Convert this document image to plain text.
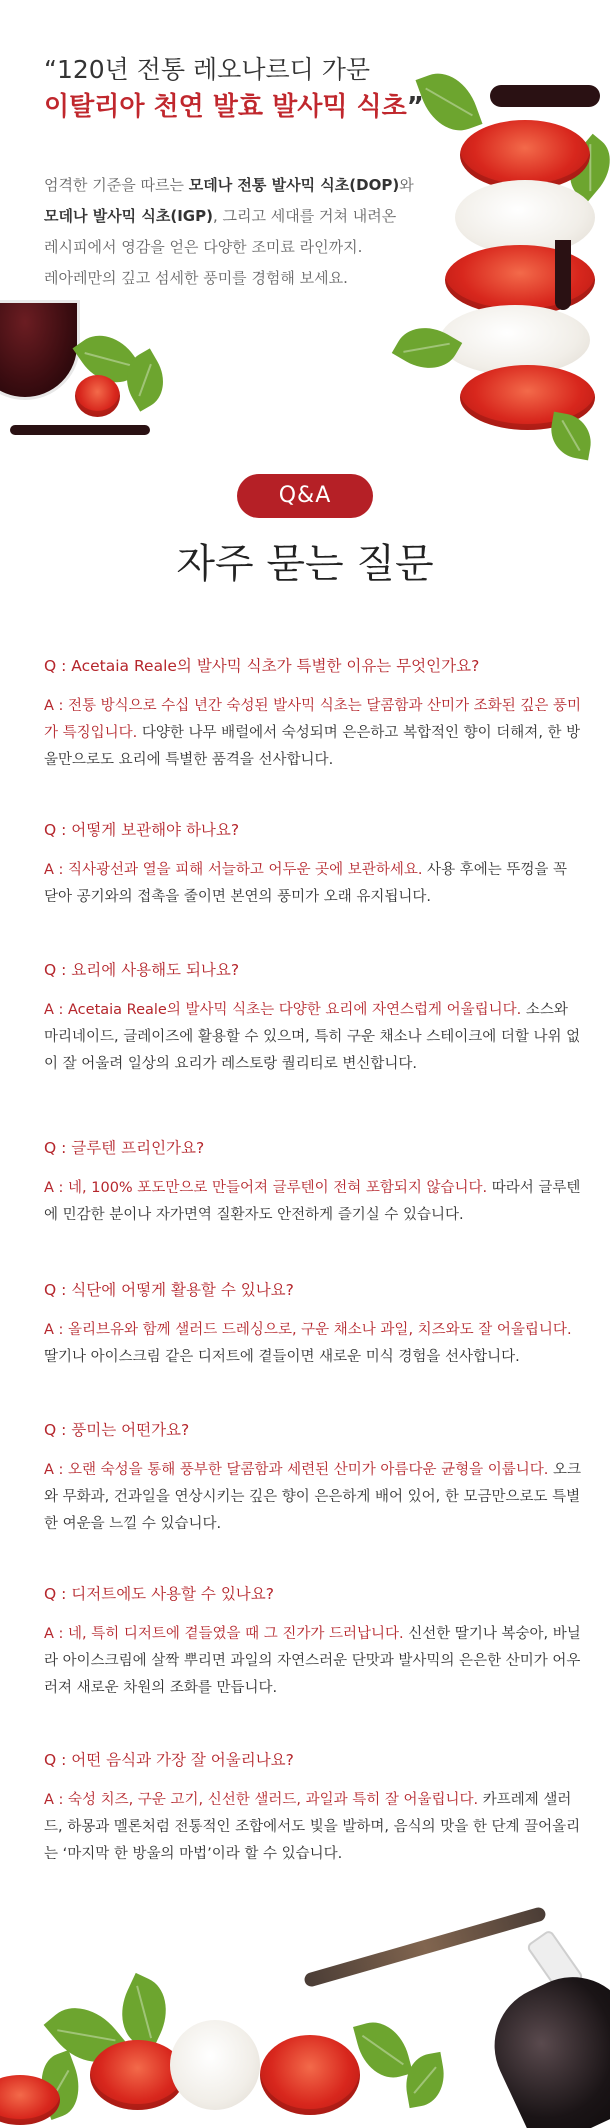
“120년 전통 레오나르디 가문
이탈리아 천연 발효 발사믹 식초”
엄격한 기준을 따르는 모데나 전통 발사믹 식초(DOP)와
모데나 발사믹 식초(IGP), 그리고 세대를 거쳐 내려온
레시피에서 영감을 얻은 다양한 조미료 라인까지.
레아레만의 깊고 섬세한 풍미를 경험해 보세요.
Q&A
자주 묻는 질문
Q : Acetaia Reale의 발사믹 식초가 특별한 이유는 무엇인가요?
A : 전통 방식으로 수십 년간 숙성된 발사믹 식초는 달콤함과 산미가 조화된 깊은 풍미가 특징입니다. 다양한 나무 배럴에서 숙성되며 은은하고 복합적인 향이 더해져, 한 방울만으로도 요리에 특별한 품격을 선사합니다.
Q : 어떻게 보관해야 하나요?
A : 직사광선과 열을 피해 서늘하고 어두운 곳에 보관하세요. 사용 후에는 뚜껑을 꼭 닫아 공기와의 접촉을 줄이면 본연의 풍미가 오래 유지됩니다.
Q : 요리에 사용해도 되나요?
A : Acetaia Reale의 발사믹 식초는 다양한 요리에 자연스럽게 어울립니다. 소스와 마리네이드, 글레이즈에 활용할 수 있으며, 특히 구운 채소나 스테이크에 더할 나위 없이 잘 어울려 일상의 요리가 레스토랑 퀄리티로 변신합니다.
Q : 글루텐 프리인가요?
A : 네, 100% 포도만으로 만들어져 글루텐이 전혀 포함되지 않습니다. 따라서 글루텐에 민감한 분이나 자가면역 질환자도 안전하게 즐기실 수 있습니다.
Q : 식단에 어떻게 활용할 수 있나요?
A : 올리브유와 함께 샐러드 드레싱으로, 구운 채소나 과일, 치즈와도 잘 어울립니다. 딸기나 아이스크림 같은 디저트에 곁들이면 새로운 미식 경험을 선사합니다.
Q : 풍미는 어떤가요?
A : 오랜 숙성을 통해 풍부한 달콤함과 세련된 산미가 아름다운 균형을 이룹니다. 오크와 무화과, 건과일을 연상시키는 깊은 향이 은은하게 배어 있어, 한 모금만으로도 특별한 여운을 느낄 수 있습니다.
Q : 디저트에도 사용할 수 있나요?
A : 네, 특히 디저트에 곁들였을 때 그 진가가 드러납니다. 신선한 딸기나 복숭아, 바닐라 아이스크림에 살짝 뿌리면 과일의 자연스러운 단맛과 발사믹의 은은한 산미가 어우러져 새로운 차원의 조화를 만듭니다.
Q : 어떤 음식과 가장 잘 어울리나요?
A : 숙성 치즈, 구운 고기, 신선한 샐러드, 과일과 특히 잘 어울립니다. 카프레제 샐러드, 하몽과 멜론처럼 전통적인 조합에서도 빛을 발하며, 음식의 맛을 한 단계 끌어올리는 ‘마지막 한 방울의 마법’이라 할 수 있습니다.
